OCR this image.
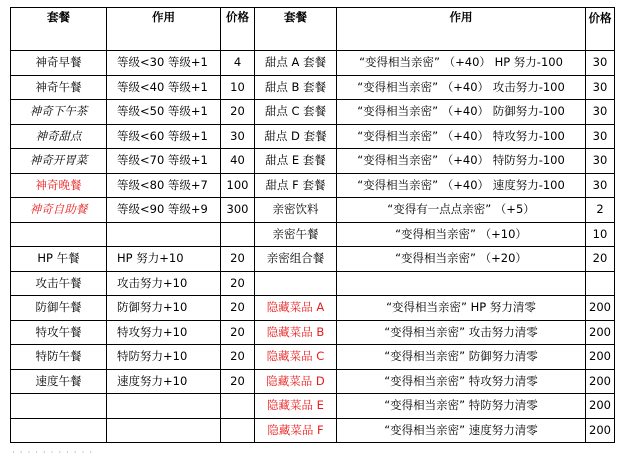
套餐	作用	价格	套餐	作用	价格
神奇早餐	等级<30 等级+1	4	甜点 A 套餐	“变得相当亲密” （+40） HP 努力-100	30
神奇午餐	等级<40 等级+1	10	甜点 B 套餐	“变得相当亲密” （+40） 攻击努力-100	30
神奇下午茶	等级<50 等级+1	20	甜点 C 套餐	“变得相当亲密” （+40） 防御努力-100	30
神奇甜点	等级<60 等级+1	30	甜点 D 套餐	“变得相当亲密” （+40） 特攻努力-100	30
神奇开胃菜	等级<70 等级+1	40	甜点 E 套餐	“变得相当亲密” （+40） 特防努力-100	30
神奇晚餐	等级<80 等级+7	100	甜点 F 套餐	“变得相当亲密” （+40） 速度努力-100	30
神奇自助餐	等级<90 等级+9	300	亲密饮料	“变得有一点点亲密” （+5）	2
			亲密午餐	“变得相当亲密” （+10）	10
HP 午餐	HP 努力+10	20	亲密组合餐	“变得相当亲密” （+20）	20
攻击午餐	攻击努力+10	20			
防御午餐	防御努力+10	20	隐藏菜品 A	“变得相当亲密” HP 努力清零	200
特攻午餐	特攻努力+10	20	隐藏菜品 B	“变得相当亲密” 攻击努力清零	200
特防午餐	特防努力+10	20	隐藏菜品 C	“变得相当亲密” 防御努力清零	200
速度午餐	速度努力+10	20	隐藏菜品 D	“变得相当亲密” 特攻努力清零	200
			隐藏菜品 E	“变得相当亲密” 特防努力清零	200
			隐藏菜品 F	“变得相当亲密” 速度努力清零	200
· · · · · · · · · · ·
